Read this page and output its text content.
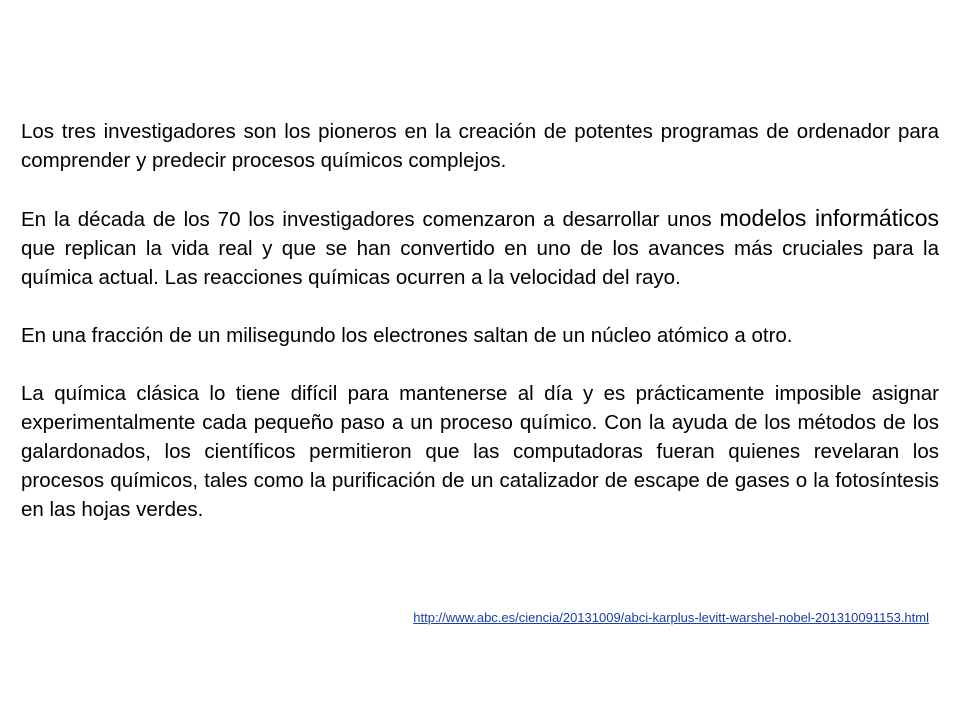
Los tres investigadores son los pioneros en la creación de potentes programas de ordenador para comprender y predecir procesos químicos complejos.

En la década de los 70 los investigadores comenzaron a desarrollar unos modelos informáticos que replican la vida real y que se han convertido en uno de los avances más cruciales para la química actual. Las reacciones químicas ocurren a la velocidad del rayo.

En una fracción de un milisegundo los electrones saltan de un núcleo atómico a otro.

La química clásica lo tiene difícil para mantenerse al día y es prácticamente imposible asignar experimentalmente cada pequeño paso a un proceso químico. Con la ayuda de los métodos de los galardonados, los científicos permitieron que las computadoras fueran quienes revelaran los procesos químicos, tales como la purificación de un catalizador de escape de gases o la fotosíntesis en las hojas verdes.

http://www.abc.es/ciencia/20131009/abci-karplus-levitt-warshel-nobel-201310091153.html
